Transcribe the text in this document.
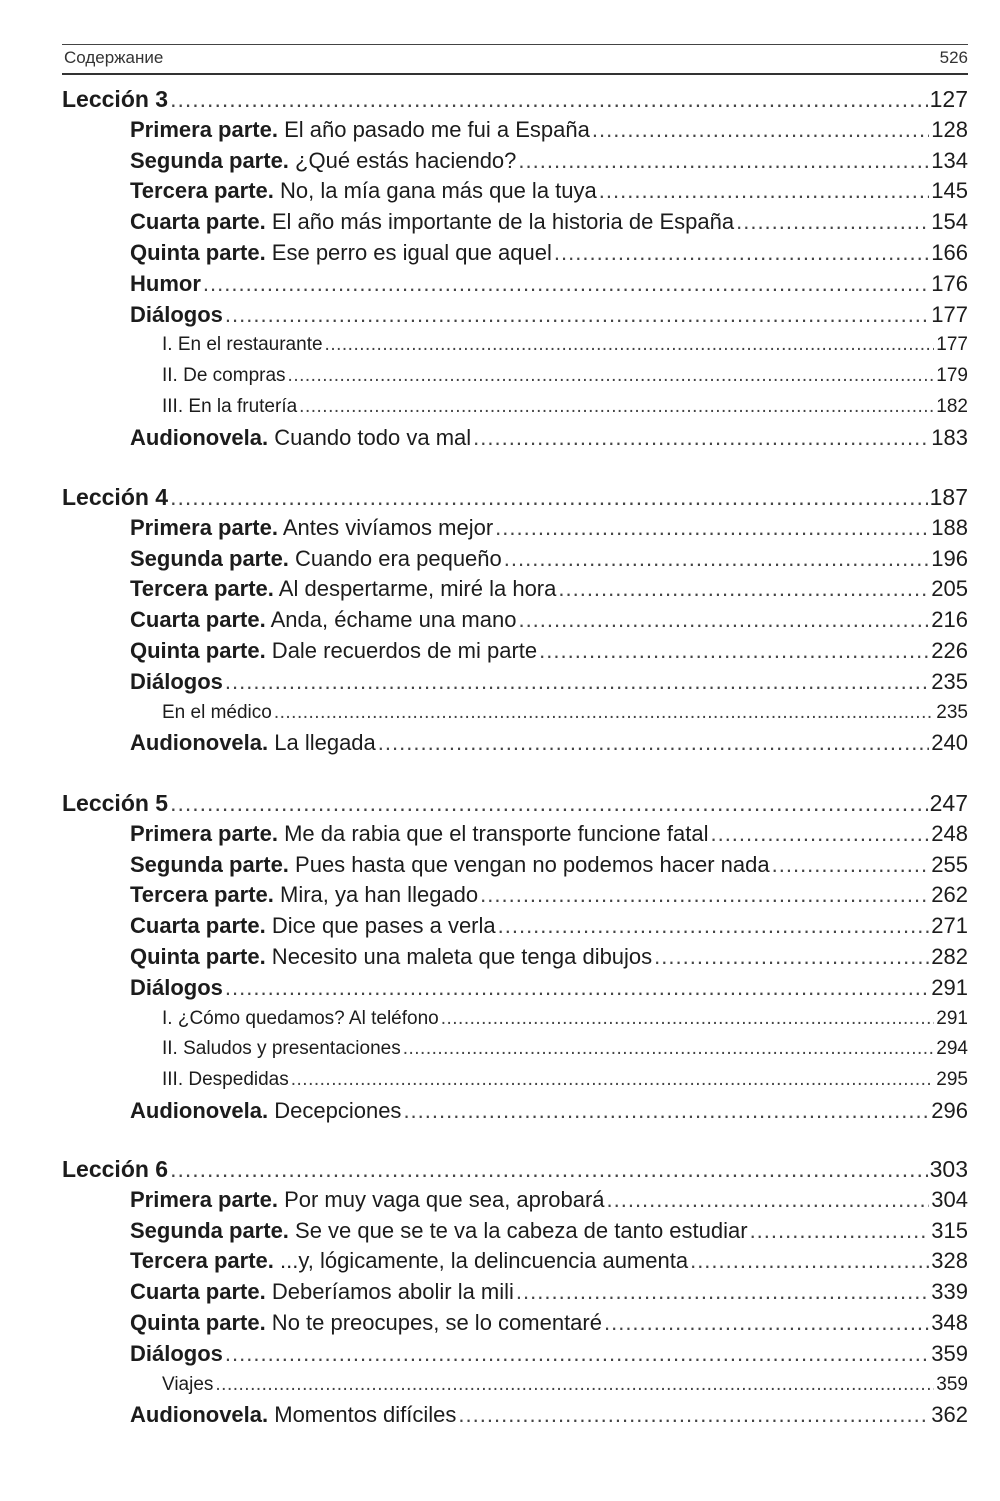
Содержание	526
Lección 3 .....	127
Primera parte. El año pasado me fui a España .....	128
Segunda parte. ¿Qué estás haciendo? .....	134
Tercera parte. No, la mía gana más que la tuya .....	145
Cuarta parte. El año más importante de la historia de España .....	154
Quinta parte. Ese perro es igual que aquel .....	166
Humor .....	176
Diálogos .....	177
I. En el restaurante .....	177
II. De compras .....	179
III. En la frutería .....	182
Audionovela. Cuando todo va mal .....	183
Lección 4 .....	187
Primera parte. Antes vivíamos mejor .....	188
Segunda parte. Cuando era pequeño .....	196
Tercera parte. Al despertarme, miré la hora .....	205
Cuarta parte. Anda, échame una mano .....	216
Quinta parte. Dale recuerdos de mi parte .....	226
Diálogos .....	235
En el médico .....	235
Audionovela. La llegada .....	240
Lección 5 .....	247
Primera parte. Me da rabia que el transporte funcione fatal .....	248
Segunda parte. Pues hasta que vengan no podemos hacer nada .....	255
Tercera parte. Mira, ya han llegado .....	262
Cuarta parte. Dice que pases a verla .....	271
Quinta parte. Necesito una maleta que tenga dibujos .....	282
Diálogos .....	291
I. ¿Cómo quedamos? Al teléfono .....	291
II. Saludos y presentaciones .....	294
III. Despedidas .....	295
Audionovela. Decepciones .....	296
Lección 6 .....	303
Primera parte. Por muy vaga que sea, aprobará .....	304
Segunda parte. Se ve que se te va la cabeza de tanto estudiar .....	315
Tercera parte. ...y, lógicamente, la delincuencia aumenta .....	328
Cuarta parte. Deberíamos abolir la mili .....	339
Quinta parte. No te preocupes, se lo comentaré .....	348
Diálogos .....	359
Viajes .....	359
Audionovela. Momentos difíciles .....	362
